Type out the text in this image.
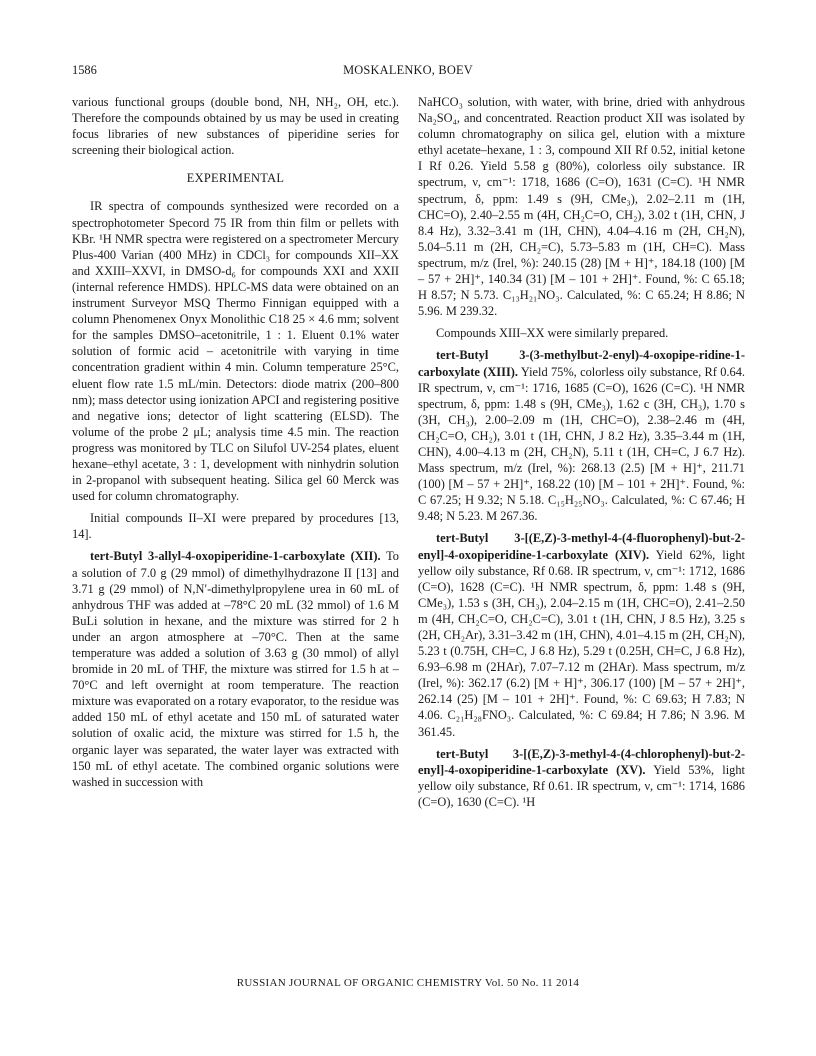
1586	MOSKALENKO, BOEV

various functional groups (double bond, NH, NH₂, OH, etc.). Therefore the compounds obtained by us may be used in creating focus libraries of new substances of piperidine series for screening their biological action.

EXPERIMENTAL

IR spectra of compounds synthesized were recorded on a spectrophotometer Specord 75 IR from thin film or pellets with KBr. ¹H NMR spectra were registered on a spectrometer Mercury Plus-400 Varian (400 MHz) in CDCl₃ for compounds XII–XX and XXIII–XXVI, in DMSO-d₆ for compounds XXI and XXII (internal reference HMDS). HPLC-MS data were obtained on an instrument Surveyor MSQ Thermo Finnigan equipped with a column Phenomenex Onyx Monolithic C18 25 × 4.6 mm; solvent for the samples DMSO–acetonitrile, 1 : 1. Eluent 0.1% water solution of formic acid – acetonitrile with varying in time concentration gradient within 4 min. Column temperature 25°C, eluent flow rate 1.5 mL/min. Detectors: diode matrix (200–800 nm); mass detector using ionization APCI and registering positive and negative ions; detector of light scattering (ELSD). The volume of the probe 2 μL; analysis time 4.5 min. The reaction progress was monitored by TLC on Silufol UV-254 plates, eluent hexane–ethyl acetate, 3 : 1, development with ninhydrin solution in 2-propanol with subsequent heating. Silica gel 60 Merck was used for column chromatography.

Initial compounds II–XI were prepared by procedures [13, 14].

tert-Butyl 3-allyl-4-oxopiperidine-1-carboxylate (XII). To a solution of 7.0 g (29 mmol) of dimethylhydrazone II [13] and 3.71 g (29 mmol) of N,N′-dimethylpropylene urea in 60 mL of anhydrous THF was added at –78°C 20 mL (32 mmol) of 1.6 M BuLi solution in hexane, and the mixture was stirred for 2 h under an argon atmosphere at –70°C. Then at the same temperature was added a solution of 3.63 g (30 mmol) of allyl bromide in 20 mL of THF, the mixture was stirred for 1.5 h at –70°C and left overnight at room temperature. The reaction mixture was evaporated on a rotary evaporator, to the residue was added 150 mL of ethyl acetate and 150 mL of saturated water solution of oxalic acid, the mixture was stirred for 1.5 h, the organic layer was separated, the water layer was extracted with 150 mL of ethyl acetate. The combined organic solutions were washed in succession with

NaHCO₃ solution, with water, with brine, dried with anhydrous Na₂SO₄, and concentrated. Reaction product XII was isolated by column chromatography on silica gel, elution with a mixture ethyl acetate–hexane, 1 : 3, compound XII Rf 0.52, initial ketone I Rf 0.26. Yield 5.58 g (80%), colorless oily substance. IR spectrum, ν, cm⁻¹: 1718, 1686 (C=O), 1631 (C=C). ¹H NMR spectrum, δ, ppm: 1.49 s (9H, CMe₃), 2.02–2.11 m (1H, CHC=O), 2.40–2.55 m (4H, CH₂C=O, CH₂), 3.02 t (1H, CHN, J 8.4 Hz), 3.32–3.41 m (1H, CHN), 4.04–4.16 m (2H, CH₂N), 5.04–5.11 m (2H, CH₂=C), 5.73–5.83 m (1H, CH=C). Mass spectrum, m/z (Irel, %): 240.15 (28) [M + H]⁺, 184.18 (100) [M – 57 + 2H]⁺, 140.34 (31) [M – 101 + 2H]⁺. Found, %: C 65.18; H 8.57; N 5.73. C₁₃H₂₁NO₃. Calculated, %: C 65.24; H 8.86; N 5.96. M 239.32.

Compounds XIII–XX were similarly prepared.

tert-Butyl 3-(3-methylbut-2-enyl)-4-oxopipe-ridine-1-carboxylate (XIII). Yield 75%, colorless oily substance, Rf 0.64. IR spectrum, ν, cm⁻¹: 1716, 1685 (C=O), 1626 (C=C). ¹H NMR spectrum, δ, ppm: 1.48 s (9H, CMe₃), 1.62 c (3H, CH₃), 1.70 s (3H, CH₃), 2.00–2.09 m (1H, CHC=O), 2.38–2.46 m (4H, CH₂C=O, CH₂), 3.01 t (1H, CHN, J 8.2 Hz), 3.35–3.44 m (1H, CHN), 4.00–4.13 m (2H, CH₂N), 5.11 t (1H, CH=C, J 6.7 Hz). Mass spectrum, m/z (Irel, %): 268.13 (2.5) [M + H]⁺, 211.71 (100) [M – 57 + 2H]⁺, 168.22 (10) [M – 101 + 2H]⁺. Found, %: C 67.25; H 9.32; N 5.18. C₁₅H₂₅NO₃. Calculated, %: C 67.46; H 9.48; N 5.23. M 267.36.

tert-Butyl 3-[(E,Z)-3-methyl-4-(4-fluorophenyl)-but-2-enyl]-4-oxopiperidine-1-carboxylate (XIV). Yield 62%, light yellow oily substance, Rf 0.68. IR spectrum, ν, cm⁻¹: 1712, 1686 (C=O), 1628 (C=C). ¹H NMR spectrum, δ, ppm: 1.48 s (9H, CMe₃), 1.53 s (3H, CH₃), 2.04–2.15 m (1H, CHC=O), 2.41–2.50 m (4H, CH₂C=O, CH₂C=C), 3.01 t (1H, CHN, J 8.5 Hz), 3.25 s (2H, CH₂Ar), 3.31–3.42 m (1H, CHN), 4.01–4.15 m (2H, CH₂N), 5.23 t (0.75H, CH=C, J 6.8 Hz), 5.29 t (0.25H, CH=C, J 6.8 Hz), 6.93–6.98 m (2HAr), 7.07–7.12 m (2HAr). Mass spectrum, m/z (Irel, %): 362.17 (6.2) [M + H]⁺, 306.17 (100) [M – 57 + 2H]⁺, 262.14 (25) [M – 101 + 2H]⁺. Found, %: C 69.63; H 7.83; N 4.06. C₂₁H₂₈FNO₃. Calculated, %: C 69.84; H 7.86; N 3.96. M 361.45.

tert-Butyl 3-[(E,Z)-3-methyl-4-(4-chlorophenyl)-but-2-enyl]-4-oxopiperidine-1-carboxylate (XV). Yield 53%, light yellow oily substance, Rf 0.61. IR spectrum, ν, cm⁻¹: 1714, 1686 (C=O), 1630 (C=C). ¹H

RUSSIAN JOURNAL OF ORGANIC CHEMISTRY Vol. 50 No. 11 2014
